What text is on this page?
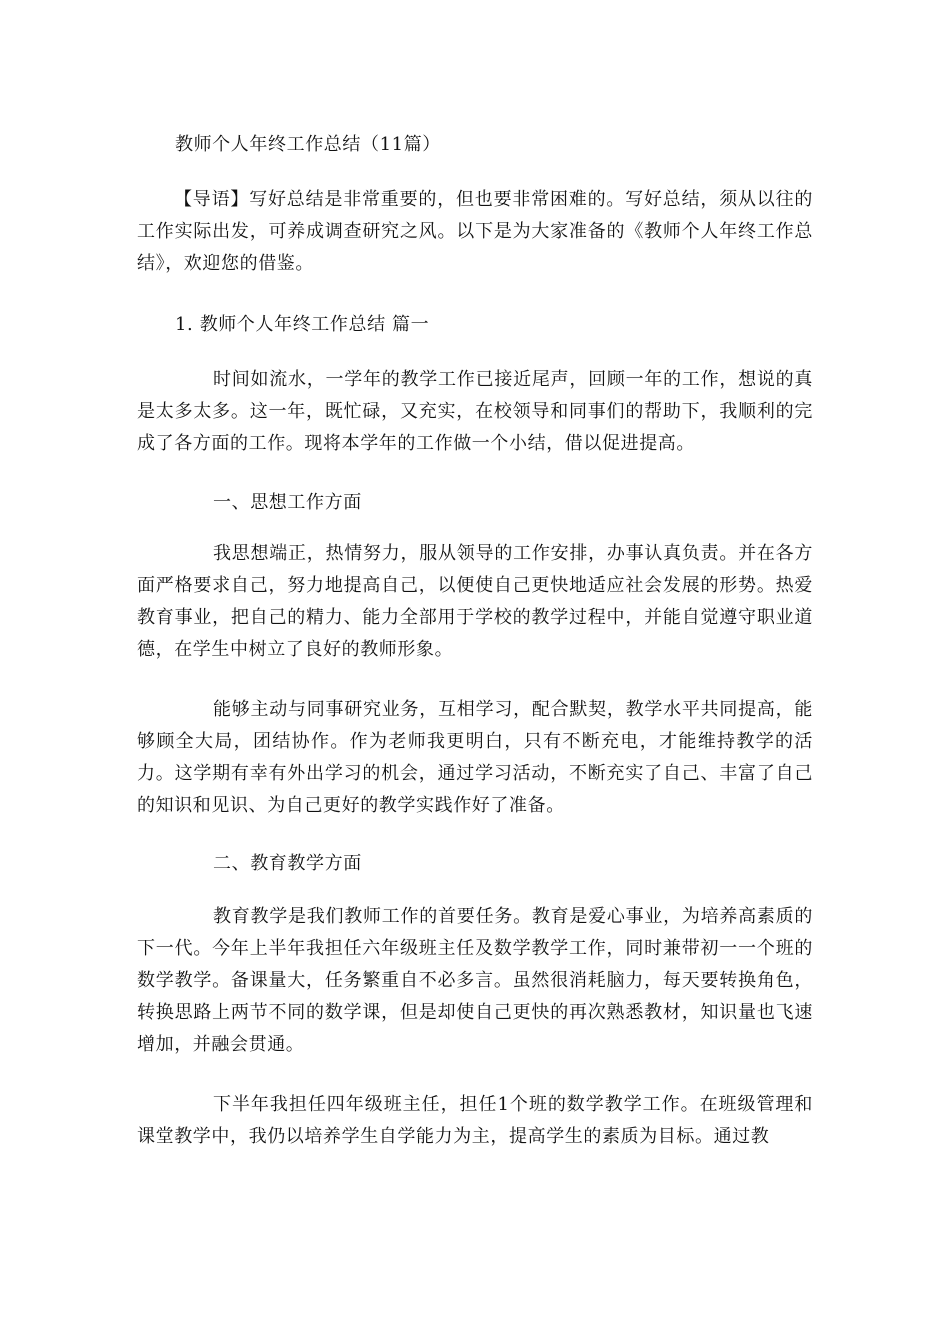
教师个人年终工作总结（11篇）
【导语】写好总结是非常重要的，但也要非常困难的。写好总结，须从以往的工作实际出发，可养成调查研究之风。以下是为大家准备的《教师个人年终工作总结》，欢迎您的借鉴。
1. 教师个人年终工作总结 篇一
时间如流水，一学年的教学工作已接近尾声，回顾一年的工作，想说的真是太多太多。这一年，既忙碌，又充实，在校领导和同事们的帮助下，我顺利的完成了各方面的工作。现将本学年的工作做一个小结，借以促进提高。
一、思想工作方面
我思想端正，热情努力，服从领导的工作安排，办事认真负责。并在各方面严格要求自己，努力地提高自己，以便使自己更快地适应社会发展的形势。热爱教育事业，把自己的精力、能力全部用于学校的教学过程中，并能自觉遵守职业道德，在学生中树立了良好的教师形象。
能够主动与同事研究业务，互相学习，配合默契，教学水平共同提高，能够顾全大局，团结协作。作为老师我更明白，只有不断充电，才能维持教学的活力。这学期有幸有外出学习的机会，通过学习活动，不断充实了自己、丰富了自己的知识和见识、为自己更好的教学实践作好了准备。
二、教育教学方面
教育教学是我们教师工作的首要任务。教育是爱心事业，为培养高素质的下一代。今年上半年我担任六年级班主任及数学教学工作，同时兼带初一一个班的数学教学。备课量大，任务繁重自不必多言。虽然很消耗脑力，每天要转换角色，转换思路上两节不同的数学课，但是却使自己更快的再次熟悉教材，知识量也飞速增加，并融会贯通。
下半年我担任四年级班主任，担任1个班的数学教学工作。在班级管理和课堂教学中，我仍以培养学生自学能力为主，提高学生的素质为目标。通过教
